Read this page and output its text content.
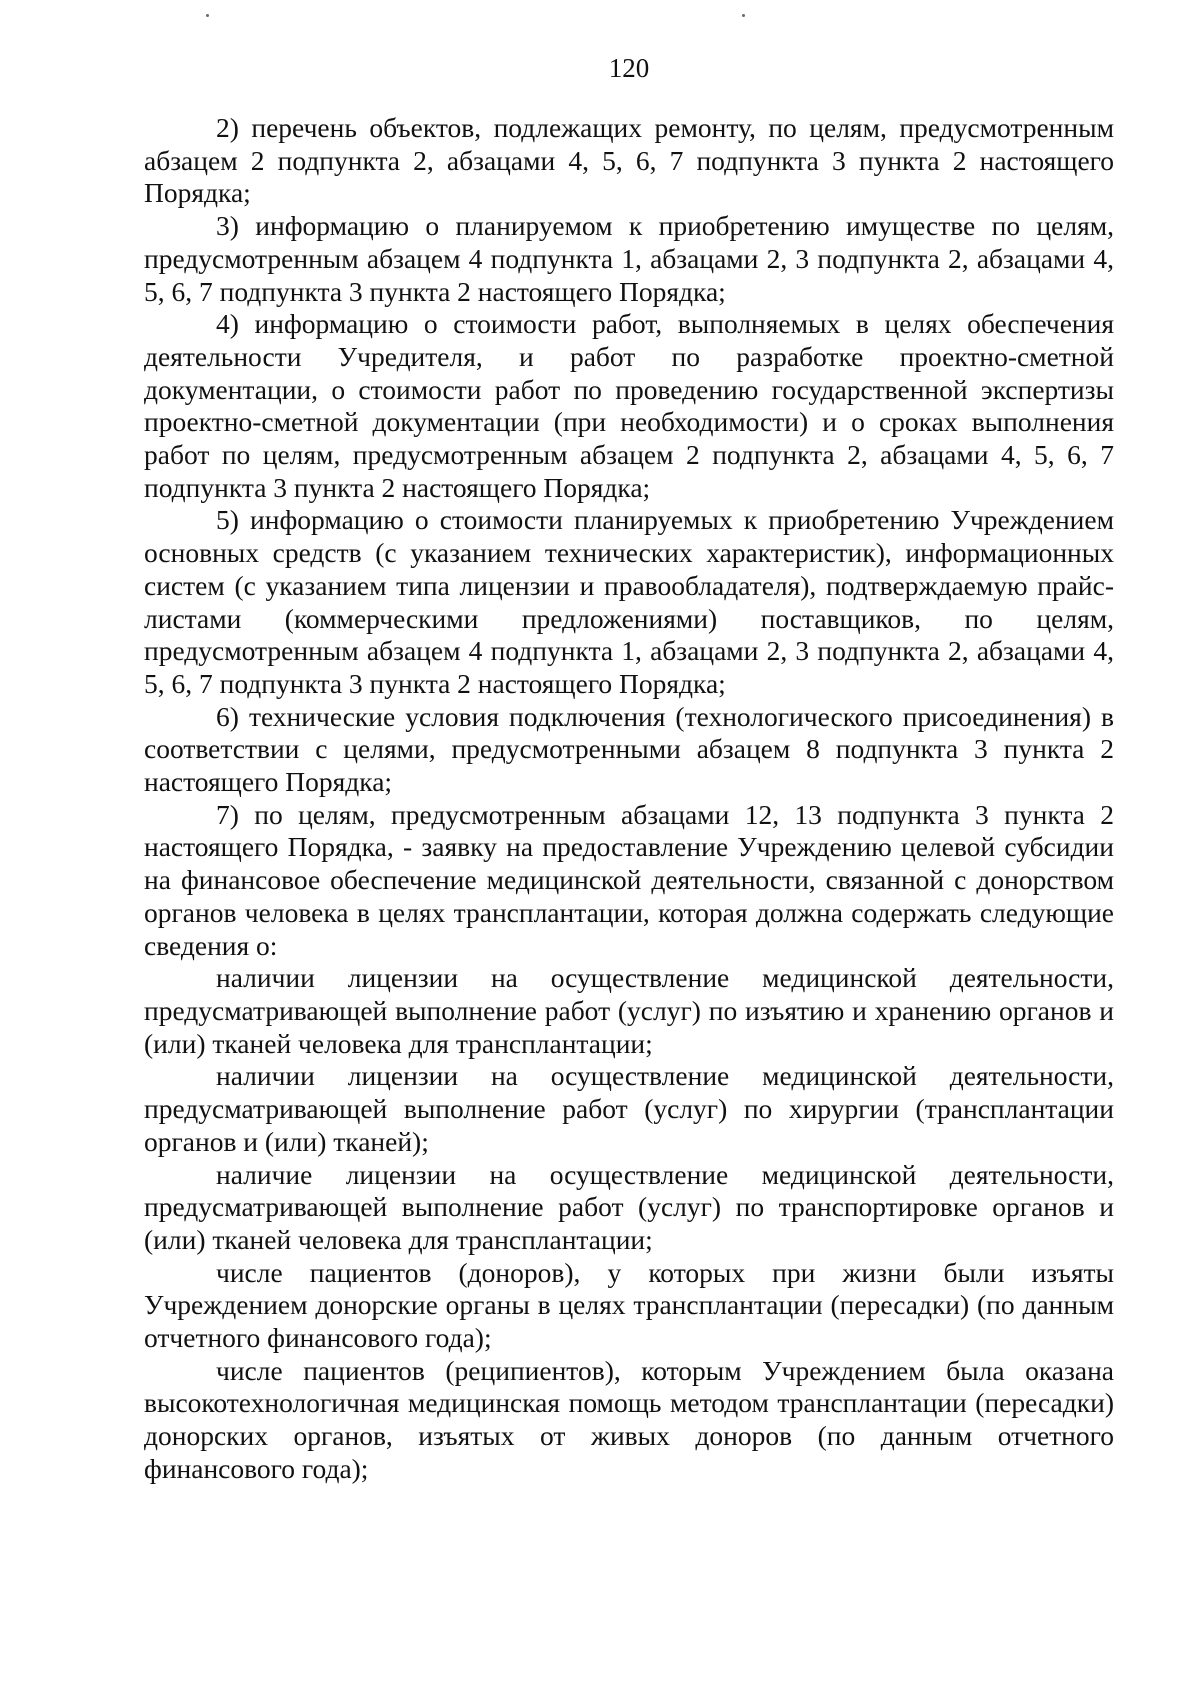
120

2) перечень объектов, подлежащих ремонту, по целям, предусмотренным абзацем 2 подпункта 2, абзацами 4, 5, 6, 7 подпункта 3 пункта 2 настоящего Порядка;

3) информацию о планируемом к приобретению имуществе по целям, предусмотренным абзацем 4 подпункта 1, абзацами 2, 3 подпункта 2, абзацами 4, 5, 6, 7 подпункта 3 пункта 2 настоящего Порядка;

4) информацию о стоимости работ, выполняемых в целях обеспечения деятельности Учредителя, и работ по разработке проектно-сметной документации, о стоимости работ по проведению государственной экспертизы проектно-сметной документации (при необходимости) и о сроках выполнения работ по целям, предусмотренным абзацем 2 подпункта 2, абзацами 4, 5, 6, 7 подпункта 3 пункта 2 настоящего Порядка;

5) информацию о стоимости планируемых к приобретению Учреждением основных средств (с указанием технических характеристик), информационных систем (с указанием типа лицензии и правообладателя), подтверждаемую прайс-листами (коммерческими предложениями) поставщиков, по целям, предусмотренным абзацем 4 подпункта 1, абзацами 2, 3 подпункта 2, абзацами 4, 5, 6, 7 подпункта 3 пункта 2 настоящего Порядка;

6) технические условия подключения (технологического присоединения) в соответствии с целями, предусмотренными абзацем 8 подпункта 3 пункта 2 настоящего Порядка;

7) по целям, предусмотренным абзацами 12, 13 подпункта 3 пункта 2 настоящего Порядка, - заявку на предоставление Учреждению целевой субсидии на финансовое обеспечение медицинской деятельности, связанной с донорством органов человека в целях трансплантации, которая должна содержать следующие сведения о:

наличии лицензии на осуществление медицинской деятельности, предусматривающей выполнение работ (услуг) по изъятию и хранению органов и (или) тканей человека для трансплантации;

наличии лицензии на осуществление медицинской деятельности, предусматривающей выполнение работ (услуг) по хирургии (трансплантации органов и (или) тканей);

наличие лицензии на осуществление медицинской деятельности, предусматривающей выполнение работ (услуг) по транспортировке органов и (или) тканей человека для трансплантации;

числе пациентов (доноров), у которых при жизни были изъяты Учреждением донорские органы в целях трансплантации (пересадки) (по данным отчетного финансового года);

числе пациентов (реципиентов), которым Учреждением была оказана высокотехнологичная медицинская помощь методом трансплантации (пересадки) донорских органов, изъятых от живых доноров (по данным отчетного финансового года);
